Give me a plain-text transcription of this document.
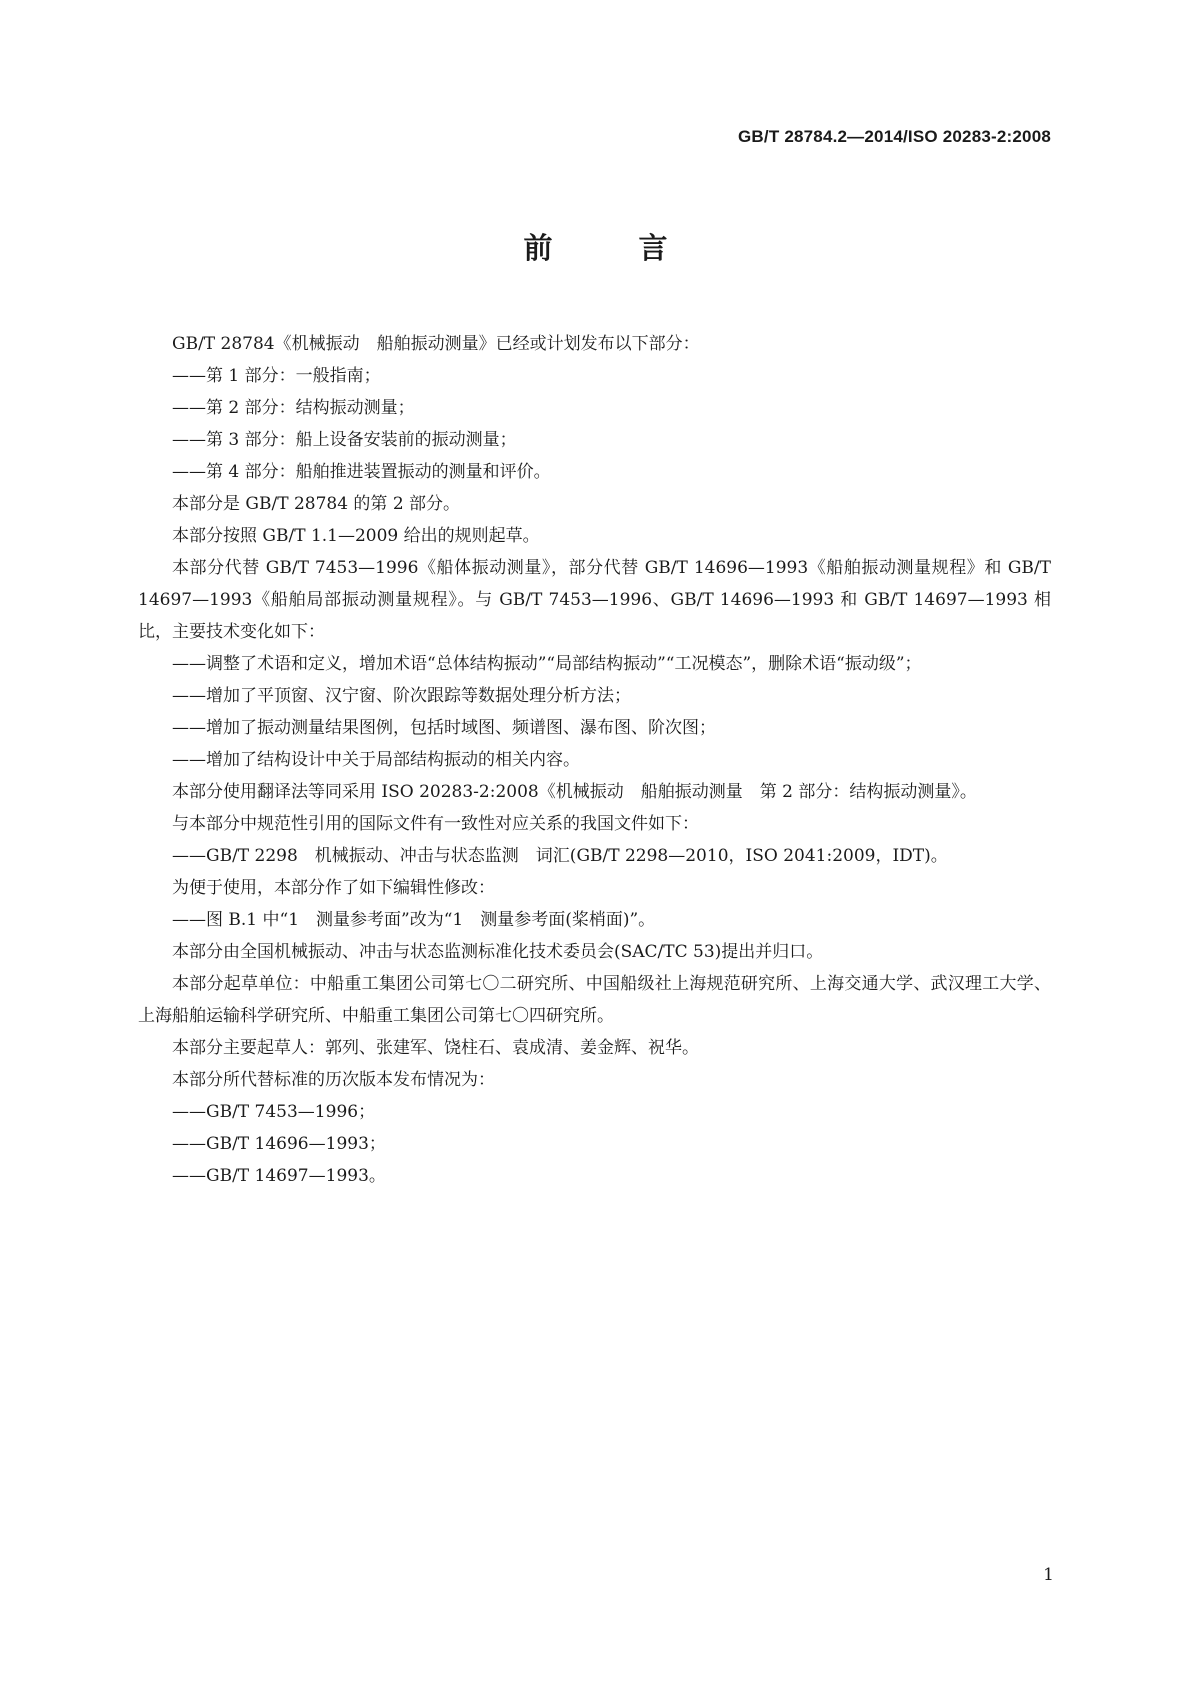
GB/T 28784.2—2014/ISO 20283-2:2008
前 言

GB/T 28784《机械振动　船舶振动测量》已经或计划发布以下部分：

——第 1 部分：一般指南；

——第 2 部分：结构振动测量；

——第 3 部分：船上设备安装前的振动测量；

——第 4 部分：船舶推进装置振动的测量和评价。

本部分是 GB/T 28784 的第 2 部分。

本部分按照 GB/T 1.1—2009 给出的规则起草。

本部分代替 GB/T 7453—1996《船体振动测量》，部分代替 GB/T 14696—1993《船舶振动测量规程》和 GB/T 14697—1993《船舶局部振动测量规程》。与 GB/T 7453—1996、GB/T 14696—1993 和 GB/T 14697—1993 相比，主要技术变化如下：

——调整了术语和定义，增加术语“总体结构振动”“局部结构振动”“工况模态”，删除术语“振动级”；

——增加了平顶窗、汉宁窗、阶次跟踪等数据处理分析方法；

——增加了振动测量结果图例，包括时域图、频谱图、瀑布图、阶次图；

——增加了结构设计中关于局部结构振动的相关内容。

本部分使用翻译法等同采用 ISO 20283-2:2008《机械振动　船舶振动测量　第 2 部分：结构振动测量》。

与本部分中规范性引用的国际文件有一致性对应关系的我国文件如下：

——GB/T 2298　机械振动、冲击与状态监测　词汇(GB/T 2298—2010，ISO 2041:2009，IDT)。

为便于使用，本部分作了如下编辑性修改：

——图 B.1 中“1　测量参考面”改为“1　测量参考面(桨梢面)”。

本部分由全国机械振动、冲击与状态监测标准化技术委员会(SAC/TC 53)提出并归口。

本部分起草单位：中船重工集团公司第七〇二研究所、中国船级社上海规范研究所、上海交通大学、武汉理工大学、上海船舶运输科学研究所、中船重工集团公司第七〇四研究所。

本部分主要起草人：郭列、张建军、饶柱石、袁成清、姜金辉、祝华。

本部分所代替标准的历次版本发布情况为：

——GB/T 7453—1996；

——GB/T 14696—1993；

——GB/T 14697—1993。

1
